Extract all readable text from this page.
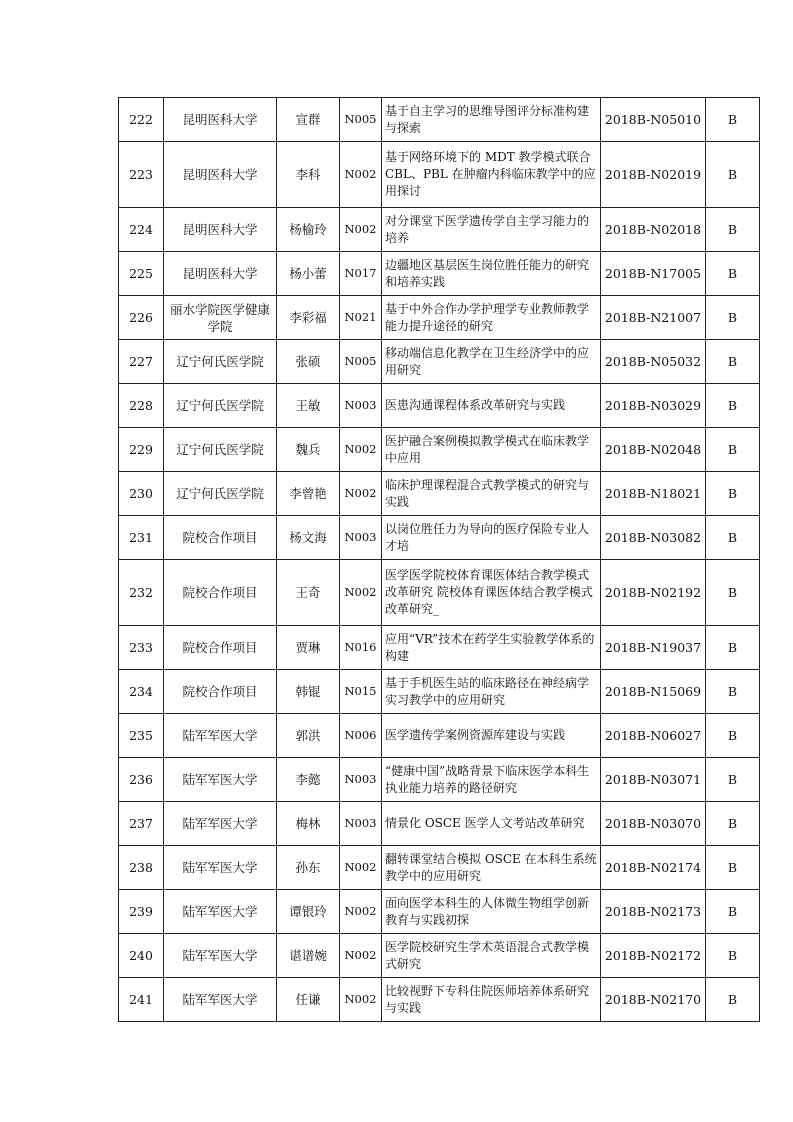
222	昆明医科大学	宣群	N005	基于自主学习的思维导图评分标准构建与探索	2018B-N05010	B
223	昆明医科大学	李科	N002	基于网络环境下的 MDT 教学模式联合 CBL、PBL 在肿瘤内科临床教学中的应用探讨	2018B-N02019	B
224	昆明医科大学	杨榆玲	N002	对分课堂下医学遗传学自主学习能力的培养	2018B-N02018	B
225	昆明医科大学	杨小蕾	N017	边疆地区基层医生岗位胜任能力的研究和培养实践	2018B-N17005	B
226	丽水学院医学健康学院	李彩福	N021	基于中外合作办学护理学专业教师教学能力提升途径的研究	2018B-N21007	B
227	辽宁何氏医学院	张硕	N005	移动端信息化教学在卫生经济学中的应用研究	2018B-N05032	B
228	辽宁何氏医学院	王敏	N003	医患沟通课程体系改革研究与实践	2018B-N03029	B
229	辽宁何氏医学院	魏兵	N002	医护融合案例模拟教学模式在临床教学中应用	2018B-N02048	B
230	辽宁何氏医学院	李曾艳	N002	临床护理课程混合式教学模式的研究与实践	2018B-N18021	B
231	院校合作项目	杨文海	N003	以岗位胜任力为导向的医疗保险专业人才培	2018B-N03082	B
232	院校合作项目	王奇	N002	医学医学院校体育课医体结合教学模式改革研究 院校体育课医体结合教学模式改革研究_	2018B-N02192	B
233	院校合作项目	贾琳	N016	应用“VR”技术在药学生实验教学体系的构建	2018B-N19037	B
234	院校合作项目	韩锟	N015	基于手机医生站的临床路径在神经病学实习教学中的应用研究	2018B-N15069	B
235	陆军军医大学	郭洪	N006	医学遗传学案例资源库建设与实践	2018B-N06027	B
236	陆军军医大学	李懿	N003	“健康中国”战略背景下临床医学本科生执业能力培养的路径研究	2018B-N03071	B
237	陆军军医大学	梅林	N003	情景化 OSCE 医学人文考站改革研究	2018B-N03070	B
238	陆军军医大学	孙东	N002	翻转课堂结合模拟 OSCE 在本科生系统教学中的应用研究	2018B-N02174	B
239	陆军军医大学	谭银玲	N002	面向医学本科生的人体微生物组学创新教育与实践初探	2018B-N02173	B
240	陆军军医大学	谌谱婉	N002	医学院校研究生学术英语混合式教学模式研究	2018B-N02172	B
241	陆军军医大学	任谦	N002	比较视野下专科住院医师培养体系研究与实践	2018B-N02170	B
